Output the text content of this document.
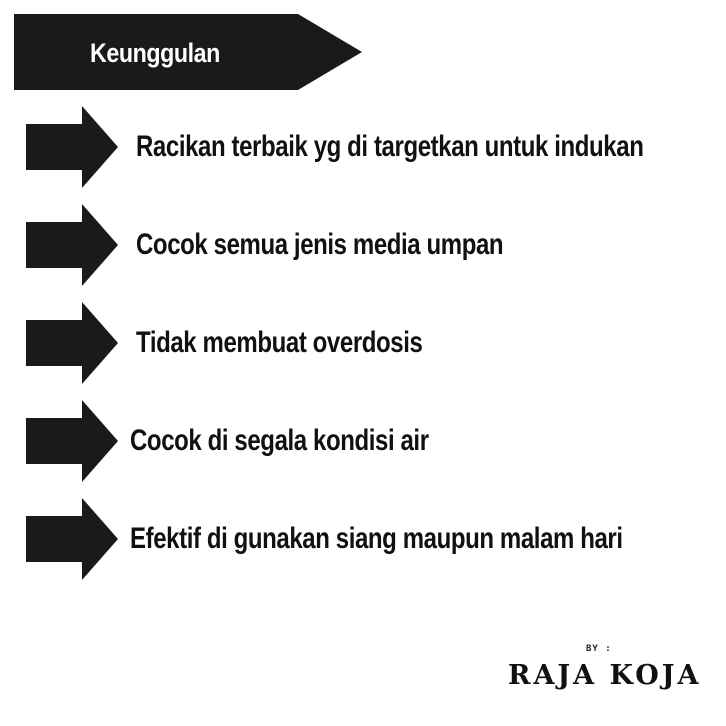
Keunggulan
Racikan terbaik yg di targetkan untuk indukan
Cocok semua jenis media umpan
Tidak membuat overdosis
Cocok di segala kondisi air
Efektif di gunakan siang maupun malam hari
BY :
RAJA KOJA
